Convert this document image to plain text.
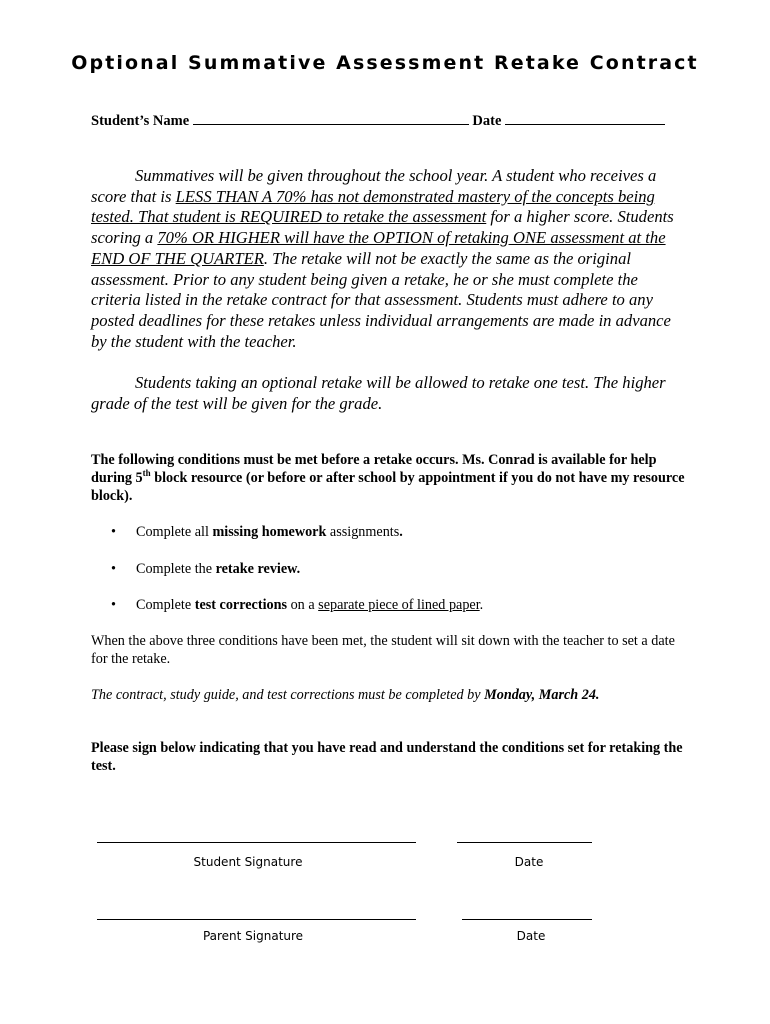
Optional Summative Assessment Retake Contract
Student’s Name	Date

Summatives will be given throughout the school year. A student who receives a score that is LESS THAN A 70% has not demonstrated mastery of the concepts being tested. That student is REQUIRED to retake the assessment for a higher score. Students scoring a 70% OR HIGHER will have the OPTION of retaking ONE assessment at the END OF THE QUARTER. The retake will not be exactly the same as the original assessment. Prior to any student being given a retake, he or she must complete the criteria listed in the retake contract for that assessment. Students must adhere to any posted deadlines for these retakes unless individual arrangements are made in advance by the student with the teacher.

Students taking an optional retake will be allowed to retake one test. The higher grade of the test will be given for the grade.

The following conditions must be met before a retake occurs. Ms. Conrad is available for help during 5th block resource (or before or after school by appointment if you do not have my resource block).

• Complete all missing homework assignments.
• Complete the retake review.
• Complete test corrections on a separate piece of lined paper.

When the above three conditions have been met, the student will sit down with the teacher to set a date for the retake.

The contract, study guide, and test corrections must be completed by Monday, March 24.

Please sign below indicating that you have read and understand the conditions set for retaking the test.

Student Signature	Date
Parent Signature	Date
